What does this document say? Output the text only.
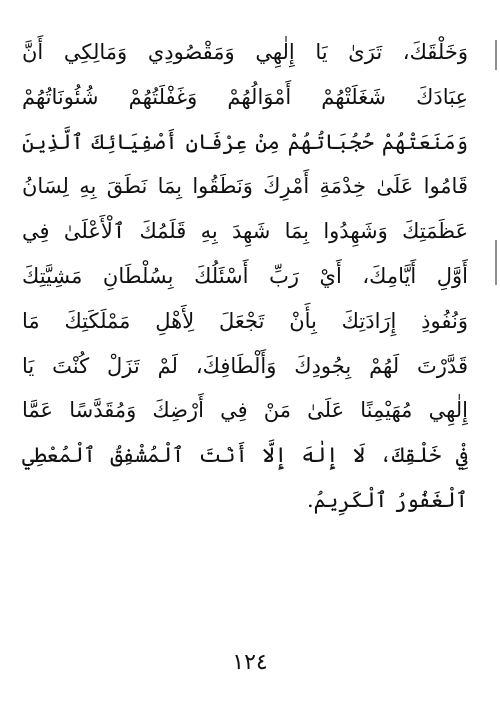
وَخَلْقَكَ، تَرَىٰ يَا إِلٰهِي وَمَقْصُودِي وَمَالِكِي أَنَّ
عِبَادَكَ شَغَلَتْهُمْ أَمْوَالُهُمْ وَغَفْلَتُهُمْ شُئُونَاتُهُمْ
وَمَنَعَتْهُمْ حُجُبَاتُهُمْ مِنْ عِرْفَانِ أَصْفِيَائِكَ ٱلَّذِينَ
قَامُوا عَلَىٰ خِدْمَةِ أَمْرِكَ وَنَطَقُوا بِمَا نَطَقَ بِهِ لِسَانُ
عَظَمَتِكَ وَشَهِدُوا بِمَا شَهِدَ بِهِ قَلَمُكَ ٱلْأَعْلَىٰ فِي
أَوَّلِ أَيَّامِكَ، أَيْ رَبِّ أَسْئَلُكَ بِسُلْطَانِ مَشِيَّتِكَ
وَنُفُوذِ إِرَادَتِكَ بِأَنْ تَجْعَلَ لِأَهْلِ مَمْلَكَتِكَ مَا
قَدَّرْتَ لَهُمْ بِجُودِكَ وَأَلْطَافِكَ، لَمْ تَزَلْ كُنْتَ يَا
إِلٰهِي مُهَيْمِنًا عَلَىٰ مَنْ فِي أَرْضِكَ وَمُقَدَّسًا عَمَّا
فِيْ خَلْقِكَ، لَا إِلٰهَ إِلَّا أَنْتَ ٱلْمُشْفِقُ ٱلْمُعْطِي
ٱلْغَفُورُ ٱلْكَرِيمُ.
١٢٤
